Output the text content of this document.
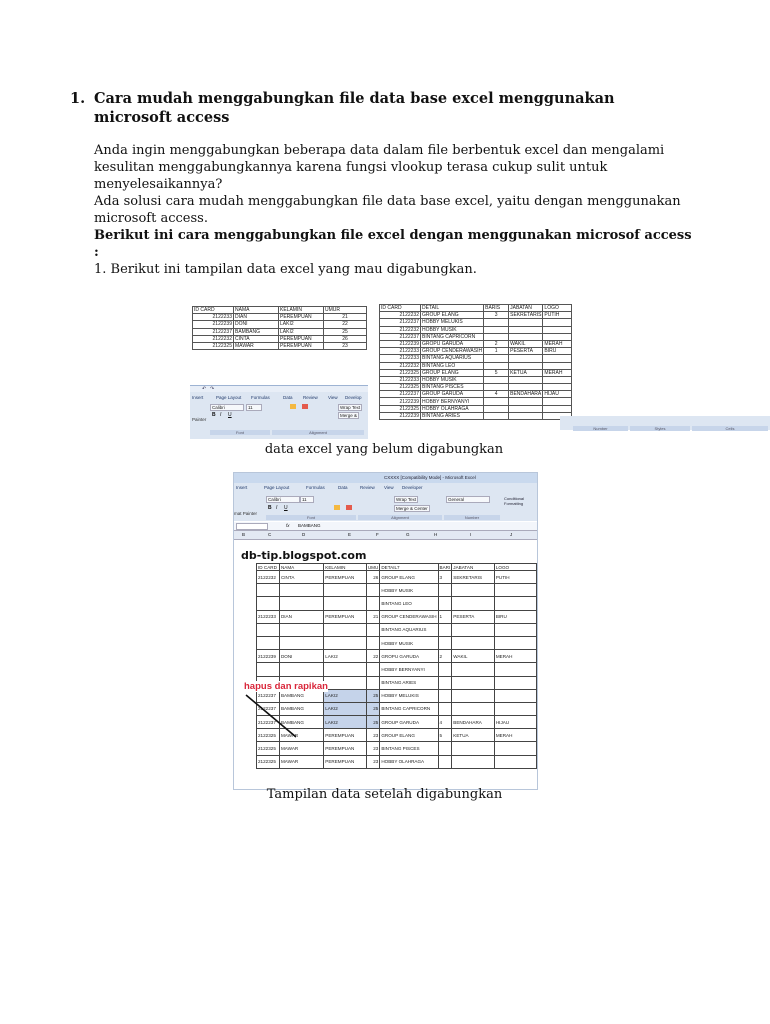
1. Cara mudah menggabungkan file data base excel menggunakan microsoft access
Anda ingin menggabungkan beberapa data dalam file berbentuk excel dan mengalami
kesulitan menggabungkannya karena fungsi vlookup terasa cukup sulit untuk
menyelesaikannya?
Ada solusi cara mudah menggabungkan file data base excel, yaitu dengan menggunakan
microsoft access.
Berikut ini cara menggabungkan file excel dengan menggunakan microsof access :
1. Berikut ini tampilan data excel yang mau digabungkan.
ID CARD	NAMA	KELAMIN	UMUR
2122233	DIAN	PEREMPUAN	21
2122239	DONI	LAKI2	22
2122237	BAMBANG	LAKI2	25
2122232	CINTA	PEREMPUAN	26
2122325	MAWAR	PEREMPUAN	23
↶ ↷
Insert	Page Layout Formulas	Data Review View Develop
Calibri	11	Wrap Text
B I U	Merge &
Painter
Font	Alignment
ID CARD	DETAIL	BARIS	JABATAN	LOGO
2122232	GROUP ELANG	3	SEKRETARIS	PUTIH
2122237	HOBBY MELUKIS			
2122232	HOBBY MUSIK			
2122237	BINTANG CAPRICORN			
2122239	GROPU GARUDA	2	WAKIL	MERAH
2122233	GROUP CENDERAWASIH	1	PESERTA	BIRU
2122233	BINTANG AQUARIUS			
2122232	BINTANG LEO			
2122325	GROUP ELANG	5	KETUA	MERAH
2122233	HOBBY MUSIK			
2122325	BINTANG PISCES			
2122237	GROUP GARUDA	4	BENDAHARA	HIJAU
2122239	HOBBY BERNYANYI			
2122325	HOBBY OLAHRAGA			
2122239	BINTANG ARIES			
Number	Styles	Cells
data excel yang belum digabungkan
CXXXX [Compatibility Mode] - Microsoft Excel
Insert	Page Layout	Formulas	Data	Review View Developer
Calibri	11	Wrap Text	General	Conditional Formatting
B I U	Merge & Center
mat Painter
Font	Alignment	Number
fx BAMBANG
B	C	D	E	F	G	H	I	J
db-tip.blogspot.com
ID CARD	NAMA	KELAMIN	UMU	DETAIL7	BARI	JABATAN	LOGO
2122232	CINTA	PEREMPUAN	26	GROUP ELANG	3	SEKRETARIS	PUTIH
				HOBBY MUSIK			
				BINTANG LEO			
2122233	DIAN	PEREMPUAN	21	GROUP CENDERAWASIH	1	PESERTA	BIRU
				BINTANG AQUARIUS			
				HOBBY MUSIK			
2122239	DONI	LAKI2	22	GROPU GARUDA	2	WAKIL	MERAH
				HOBBY BERNYANYI			
				BINTANG ARIES			
2122237	BAMBANG	LAKI2	25	HOBBY MELUKIS			
2122237	BAMBANG	LAKI2	25	BINTANG CAPRICORN			
2122237	BAMBANG	LAKI2	25	GROUP GARUDA	4	BENDAHARA	HIJAU
2122325	MAWAR	PEREMPUAN	23	GROUP ELANG	5	KETUA	MERAH
2122325	MAWAR	PEREMPUAN	23	BINTANG PISCES			
2122325	MAWAR	PEREMPUAN	23	HOBBY OLAHRAGA			
hapus dan rapikan
Tampilan data setelah digabungkan
